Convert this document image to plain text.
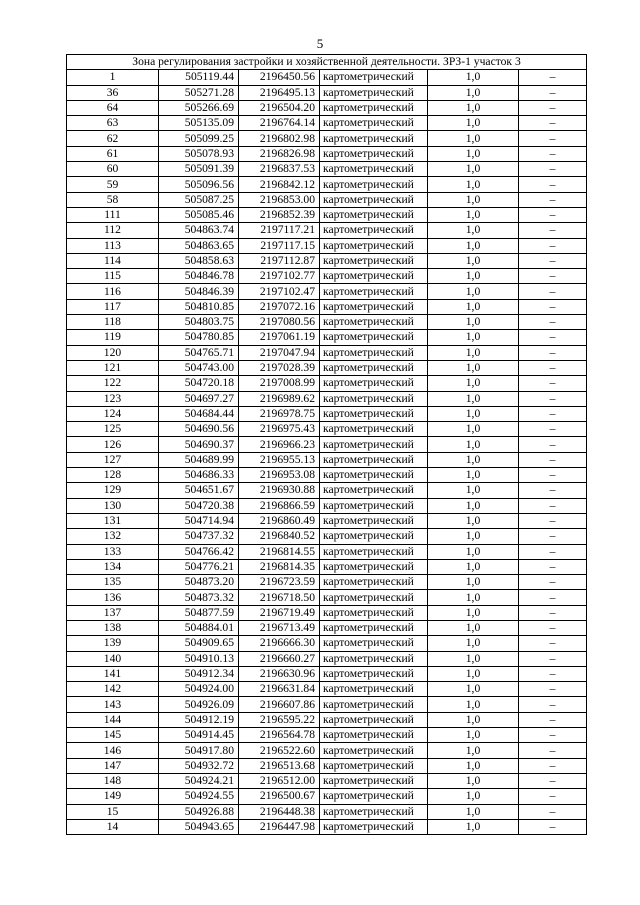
5
Зона регулирования застройки и хозяйственной деятельности. ЗРЗ-1 участок 3					
1	505119.44	2196450.56	картометрический	1,0	–
36	505271.28	2196495.13	картометрический	1,0	–
64	505266.69	2196504.20	картометрический	1,0	–
63	505135.09	2196764.14	картометрический	1,0	–
62	505099.25	2196802.98	картометрический	1,0	–
61	505078.93	2196826.98	картометрический	1,0	–
60	505091.39	2196837.53	картометрический	1,0	–
59	505096.56	2196842.12	картометрический	1,0	–
58	505087.25	2196853.00	картометрический	1,0	–
111	505085.46	2196852.39	картометрический	1,0	–
112	504863.74	2197117.21	картометрический	1,0	–
113	504863.65	2197117.15	картометрический	1,0	–
114	504858.63	2197112.87	картометрический	1,0	–
115	504846.78	2197102.77	картометрический	1,0	–
116	504846.39	2197102.47	картометрический	1,0	–
117	504810.85	2197072.16	картометрический	1,0	–
118	504803.75	2197080.56	картометрический	1,0	–
119	504780.85	2197061.19	картометрический	1,0	–
120	504765.71	2197047.94	картометрический	1,0	–
121	504743.00	2197028.39	картометрический	1,0	–
122	504720.18	2197008.99	картометрический	1,0	–
123	504697.27	2196989.62	картометрический	1,0	–
124	504684.44	2196978.75	картометрический	1,0	–
125	504690.56	2196975.43	картометрический	1,0	–
126	504690.37	2196966.23	картометрический	1,0	–
127	504689.99	2196955.13	картометрический	1,0	–
128	504686.33	2196953.08	картометрический	1,0	–
129	504651.67	2196930.88	картометрический	1,0	–
130	504720.38	2196866.59	картометрический	1,0	–
131	504714.94	2196860.49	картометрический	1,0	–
132	504737.32	2196840.52	картометрический	1,0	–
133	504766.42	2196814.55	картометрический	1,0	–
134	504776.21	2196814.35	картометрический	1,0	–
135	504873.20	2196723.59	картометрический	1,0	–
136	504873.32	2196718.50	картометрический	1,0	–
137	504877.59	2196719.49	картометрический	1,0	–
138	504884.01	2196713.49	картометрический	1,0	–
139	504909.65	2196666.30	картометрический	1,0	–
140	504910.13	2196660.27	картометрический	1,0	–
141	504912.34	2196630.96	картометрический	1,0	–
142	504924.00	2196631.84	картометрический	1,0	–
143	504926.09	2196607.86	картометрический	1,0	–
144	504912.19	2196595.22	картометрический	1,0	–
145	504914.45	2196564.78	картометрический	1,0	–
146	504917.80	2196522.60	картометрический	1,0	–
147	504932.72	2196513.68	картометрический	1,0	–
148	504924.21	2196512.00	картометрический	1,0	–
149	504924.55	2196500.67	картометрический	1,0	–
15	504926.88	2196448.38	картометрический	1,0	–
14	504943.65	2196447.98	картометрический	1,0	–
